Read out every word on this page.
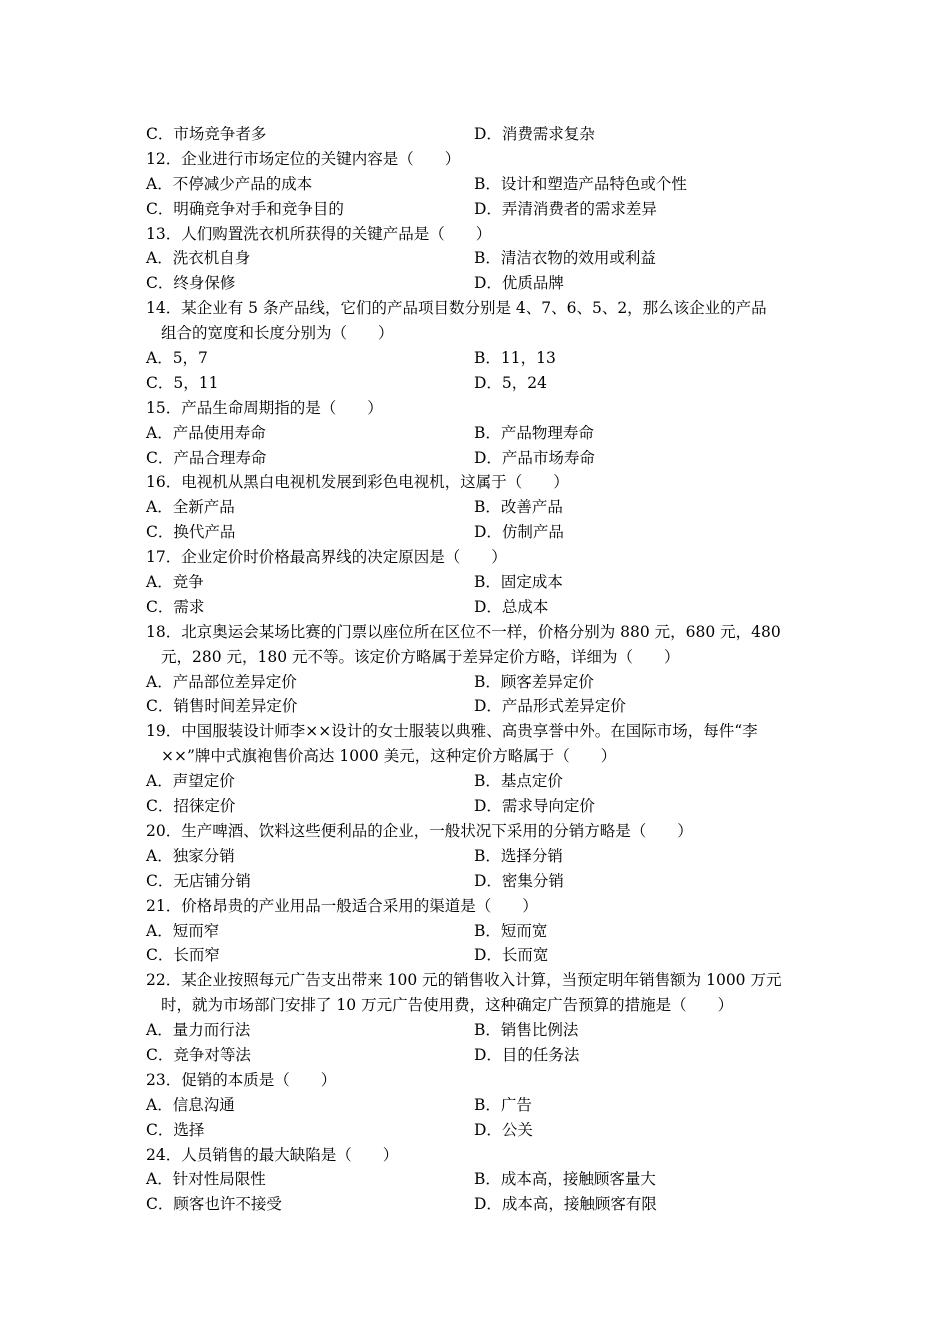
C．市场竞争者多	D．消费需求复杂
12．企业进行市场定位的关键内容是（　　）
A．不停减少产品的成本	B．设计和塑造产品特色或个性
C．明确竞争对手和竞争目的	D．弄清消费者的需求差异
13．人们购置洗衣机所获得的关键产品是（　　）
A．洗衣机自身	B．清洁衣物的效用或利益
C．终身保修	D．优质品牌
14．某企业有 5 条产品线，它们的产品项目数分别是 4、7、6、5、2，那么该企业的产品
组合的宽度和长度分别为（　　）
A．5，7	B．11，13
C．5，11	D．5，24
15．产品生命周期指的是（　　）
A．产品使用寿命	B．产品物理寿命
C．产品合理寿命	D．产品市场寿命
16．电视机从黑白电视机发展到彩色电视机，这属于（　　）
A．全新产品	B．改善产品
C．换代产品	D．仿制产品
17．企业定价时价格最高界线的决定原因是（　　）
A．竞争	B．固定成本
C．需求	D．总成本
18．北京奥运会某场比赛的门票以座位所在区位不一样，价格分别为 880 元，680 元，480
元，280 元，180 元不等。该定价方略属于差异定价方略，详细为（　　）
A．产品部位差异定价	B．顾客差异定价
C．销售时间差异定价	D．产品形式差异定价
19．中国服装设计师李××设计的女士服装以典雅、高贵享誉中外。在国际市场，每件“李
××”牌中式旗袍售价高达 1000 美元，这种定价方略属于（　　）
A．声望定价	B．基点定价
C．招徕定价	D．需求导向定价
20．生产啤酒、饮料这些便利品的企业，一般状况下采用的分销方略是（　　）
A．独家分销	B．选择分销
C．无店铺分销	D．密集分销
21．价格昂贵的产业用品一般适合采用的渠道是（　　）
A．短而窄	B．短而宽
C．长而窄	D．长而宽
22．某企业按照每元广告支出带来 100 元的销售收入计算，当预定明年销售额为 1000 万元
时，就为市场部门安排了 10 万元广告使用费，这种确定广告预算的措施是（　　）
A．量力而行法	B．销售比例法
C．竞争对等法	D．目的任务法
23．促销的本质是（　　）
A．信息沟通	B．广告
C．选择	D．公关
24．人员销售的最大缺陷是（　　）
A．针对性局限性	B．成本高，接触顾客量大
C．顾客也许不接受	D．成本高，接触顾客有限
